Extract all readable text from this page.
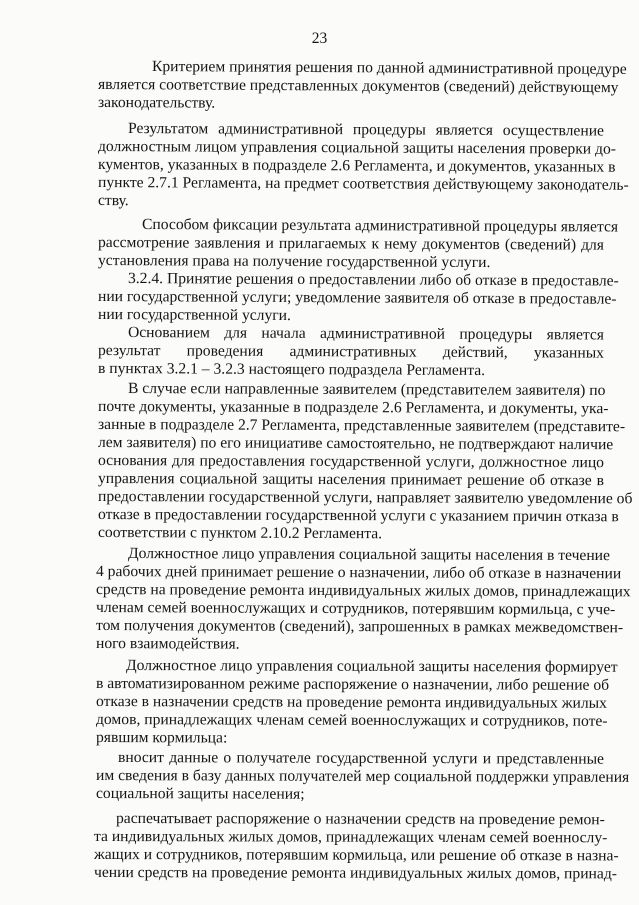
23
Критерием принятия решения по данной административной процедуре
является соответствие представленных документов (сведений) действующему
законодательству.
Результатом административной процедуры является осуществление
должностным лицом управления социальной защиты населения проверки до-
кументов, указанных в подразделе 2.6 Регламента, и документов, указанных в
пункте 2.7.1 Регламента, на предмет соответствия действующему законодатель-
ству.
Способом фиксации результата административной процедуры является
рассмотрение заявления и прилагаемых к нему документов (сведений) для
установления права на получение государственной услуги.
3.2.4. Принятие решения о предоставлении либо об отказе в предоставле-
нии государственной услуги; уведомление заявителя об отказе в предоставле-
нии государственной услуги.
Основанием для начала административной процедуры является
результат проведения административных действий, указанных
в пунктах 3.2.1 – 3.2.3 настоящего подраздела Регламента.
В случае если направленные заявителем (представителем заявителя) по
почте документы, указанные в подразделе 2.6 Регламента, и документы, ука-
занные в подразделе 2.7 Регламента, представленные заявителем (представите-
лем заявителя) по его инициативе самостоятельно, не подтверждают наличие
основания для предоставления государственной услуги, должностное лицо
управления социальной защиты населения принимает решение об отказе в
предоставлении государственной услуги, направляет заявителю уведомление об
отказе в предоставлении государственной услуги с указанием причин отказа в
соответствии с пунктом 2.10.2 Регламента.
Должностное лицо управления социальной защиты населения в течение
4 рабочих дней принимает решение о назначении, либо об отказе в назначении
средств на проведение ремонта индивидуальных жилых домов, принадлежащих
членам семей военнослужащих и сотрудников, потерявшим кормильца, с уче-
том получения документов (сведений), запрошенных в рамках межведомствен-
ного взаимодействия.
Должностное лицо управления социальной защиты населения формирует
в автоматизированном режиме распоряжение о назначении, либо решение об
отказе в назначении средств на проведение ремонта индивидуальных жилых
домов, принадлежащих членам семей военнослужащих и сотрудников, поте-
рявшим кормильца:
вносит данные о получателе государственной услуги и представленные
им сведения в базу данных получателей мер социальной поддержки управления
социальной защиты населения;
распечатывает распоряжение о назначении средств на проведение ремон-
та индивидуальных жилых домов, принадлежащих членам семей военнослу-
жащих и сотрудников, потерявшим кормильца, или решение об отказе в назна-
чении средств на проведение ремонта индивидуальных жилых домов, принад-
